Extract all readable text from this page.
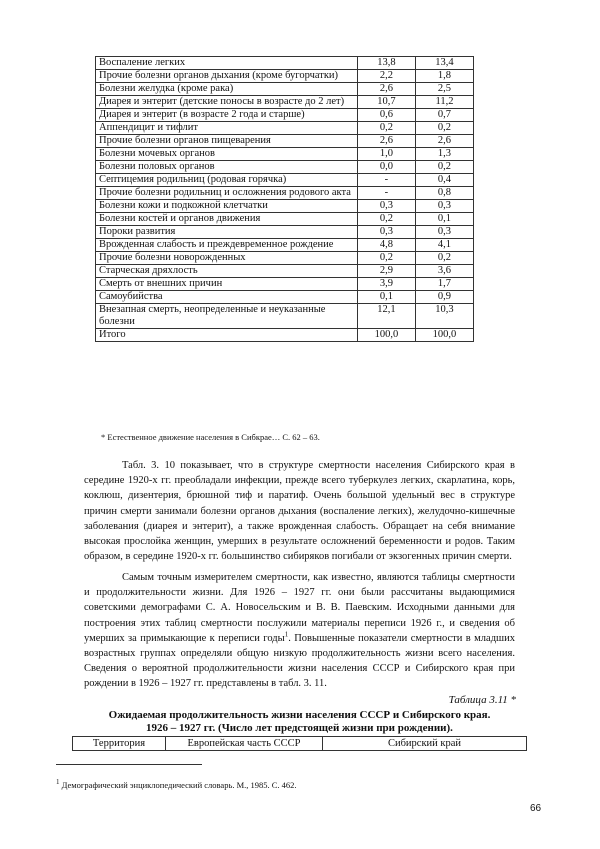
Воспаление легких	13,8	13,4
Прочие болезни органов дыхания (кроме бугорчатки)	2,2	1,8
Болезни желудка (кроме рака)	2,6	2,5
Диарея и энтерит (детские поносы в возрасте до 2 лет)	10,7	11,2
Диарея и энтерит (в возрасте 2 года и старше)	0,6	0,7
Аппендицит и тифлит	0,2	0,2
Прочие болезни органов пищеварения	2,6	2,6
Болезни мочевых органов	1,0	1,3
Болезни половых органов	0,0	0,2
Септицемия родильниц (родовая горячка)	-	0,4
Прочие болезни родильниц и осложнения родового акта	-	0,8
Болезни кожи и подкожной клетчатки	0,3	0,3
Болезни костей и органов движения	0,2	0,1
Пороки развития	0,3	0,3
Врожденная слабость и преждевременное рождение	4,8	4,1
Прочие болезни новорожденных	0,2	0,2
Старческая дряхлость	2,9	3,6
Смерть от внешних причин	3,9	1,7
Самоубийства	0,1	0,9
Внезапная смерть, неопределенные и неуказанные болезни	12,1	10,3
Итого	100,0	100,0
* Естественное движение населения в Сибкрае… С. 62 – 63.

Табл. 3. 10 показывает, что в структуре смертности населения Сибирского края в середине 1920-х гг. преобладали инфекции, прежде всего туберкулез легких, скарлатина, корь, коклюш, дизентерия, брюшной тиф и паратиф. Очень большой удельный вес в структуре причин смерти занимали болезни органов дыхания (воспаление легких), желудочно-кишечные заболевания (диарея и энтерит), а также врожденная слабость. Обращает на себя внимание высокая прослойка женщин, умерших в результате осложнений беременности и родов. Таким образом, в середине 1920-х гг. большинство сибиряков погибали от экзогенных причин смерти.

Самым точным измерителем смертности, как известно, являются таблицы смертности и продолжительности жизни. Для 1926 – 1927 гг. они были рассчитаны выдающимися советскими демографами С. А. Новосельским и В. В. Паевским. Исходными данными для построения этих таблиц смертности послужили материалы переписи 1926 г., и сведения об умерших за примыкающие к переписи годы$^1$. Повышенные показатели смертности в младших возрастных группах определяли общую низкую продолжительность жизни всего населения. Сведения о вероятной продолжительности жизни населения СССР и Сибирского края при рождении в 1926 – 1927 гг. представлены в табл. 3. 11.

Таблица 3.11 *
Ожидаемая продолжительность жизни населения СССР и Сибирского края.
1926 – 1927 гг. (Число лет предстоящей жизни при рождении).
Территория	Европейская часть СССР	Сибирский край
$^1$ Демографический энциклопедический словарь. М., 1985. С. 462.
66
